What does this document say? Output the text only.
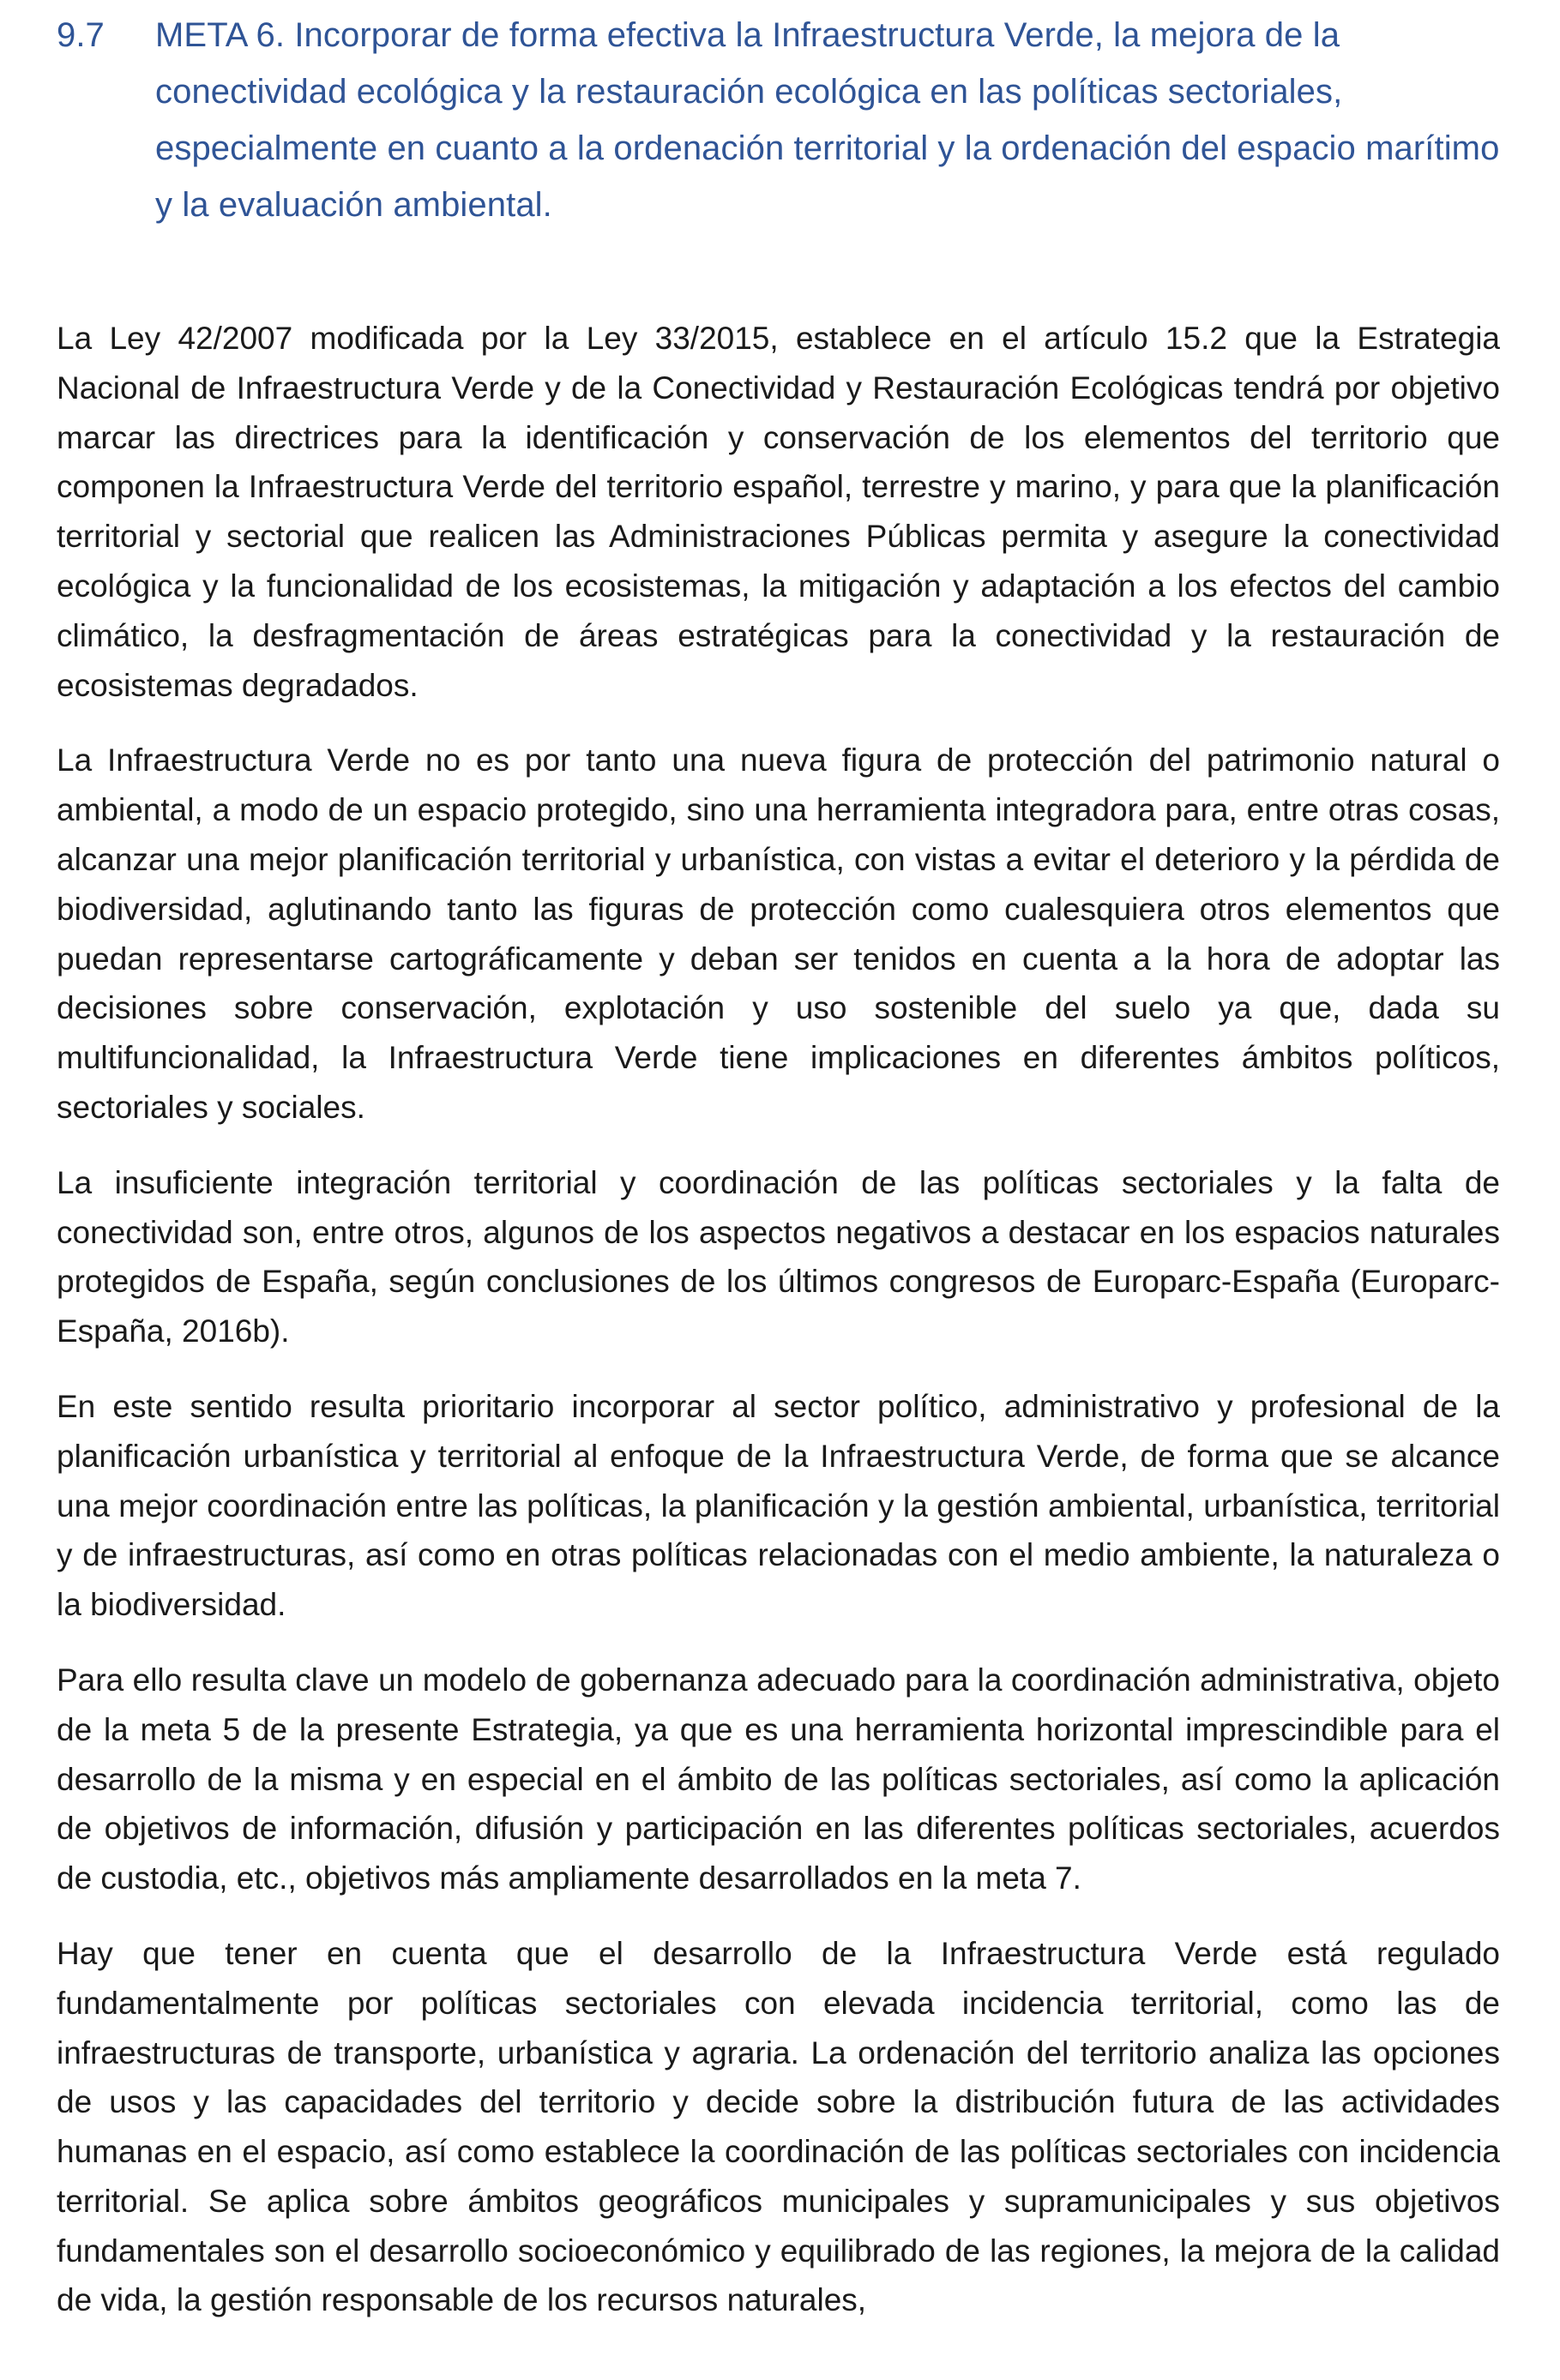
9.7 META 6. Incorporar de forma efectiva la Infraestructura Verde, la mejora de la conectividad ecológica y la restauración ecológica en las políticas sectoriales, especialmente en cuanto a la ordenación territorial y la ordenación del espacio marítimo y la evaluación ambiental.

La Ley 42/2007 modificada por la Ley 33/2015, establece en el artículo 15.2 que la Estrategia Nacional de Infraestructura Verde y de la Conectividad y Restauración Ecológicas tendrá por objetivo marcar las directrices para la identificación y conservación de los elementos del territorio que componen la Infraestructura Verde del territorio español, terrestre y marino, y para que la planificación territorial y sectorial que realicen las Administraciones Públicas permita y asegure la conectividad ecológica y la funcionalidad de los ecosistemas, la mitigación y adaptación a los efectos del cambio climático, la desfragmentación de áreas estratégicas para la conectividad y la restauración de ecosistemas degradados.

La Infraestructura Verde no es por tanto una nueva figura de protección del patrimonio natural o ambiental, a modo de un espacio protegido, sino una herramienta integradora para, entre otras cosas, alcanzar una mejor planificación territorial y urbanística, con vistas a evitar el deterioro y la pérdida de biodiversidad, aglutinando tanto las figuras de protección como cualesquiera otros elementos que puedan representarse cartográficamente y deban ser tenidos en cuenta a la hora de adoptar las decisiones sobre conservación, explotación y uso sostenible del suelo ya que, dada su multifuncionalidad, la Infraestructura Verde tiene implicaciones en diferentes ámbitos políticos, sectoriales y sociales.

La insuficiente integración territorial y coordinación de las políticas sectoriales y la falta de conectividad son, entre otros, algunos de los aspectos negativos a destacar en los espacios naturales protegidos de España, según conclusiones de los últimos congresos de Europarc-España (Europarc-España, 2016b).

En este sentido resulta prioritario incorporar al sector político, administrativo y profesional de la planificación urbanística y territorial al enfoque de la Infraestructura Verde, de forma que se alcance una mejor coordinación entre las políticas, la planificación y la gestión ambiental, urbanística, territorial y de infraestructuras, así como en otras políticas relacionadas con el medio ambiente, la naturaleza o la biodiversidad.

Para ello resulta clave un modelo de gobernanza adecuado para la coordinación administrativa, objeto de la meta 5 de la presente Estrategia, ya que es una herramienta horizontal imprescindible para el desarrollo de la misma y en especial en el ámbito de las políticas sectoriales, así como la aplicación de objetivos de información, difusión y participación en las diferentes políticas sectoriales, acuerdos de custodia, etc., objetivos más ampliamente desarrollados en la meta 7.

Hay que tener en cuenta que el desarrollo de la Infraestructura Verde está regulado fundamentalmente por políticas sectoriales con elevada incidencia territorial, como las de infraestructuras de transporte, urbanística y agraria. La ordenación del territorio analiza las opciones de usos y las capacidades del territorio y decide sobre la distribución futura de las actividades humanas en el espacio, así como establece la coordinación de las políticas sectoriales con incidencia territorial. Se aplica sobre ámbitos geográficos municipales y supramunicipales y sus objetivos fundamentales son el desarrollo socioeconómico y equilibrado de las regiones, la mejora de la calidad de vida, la gestión responsable de los recursos naturales,
